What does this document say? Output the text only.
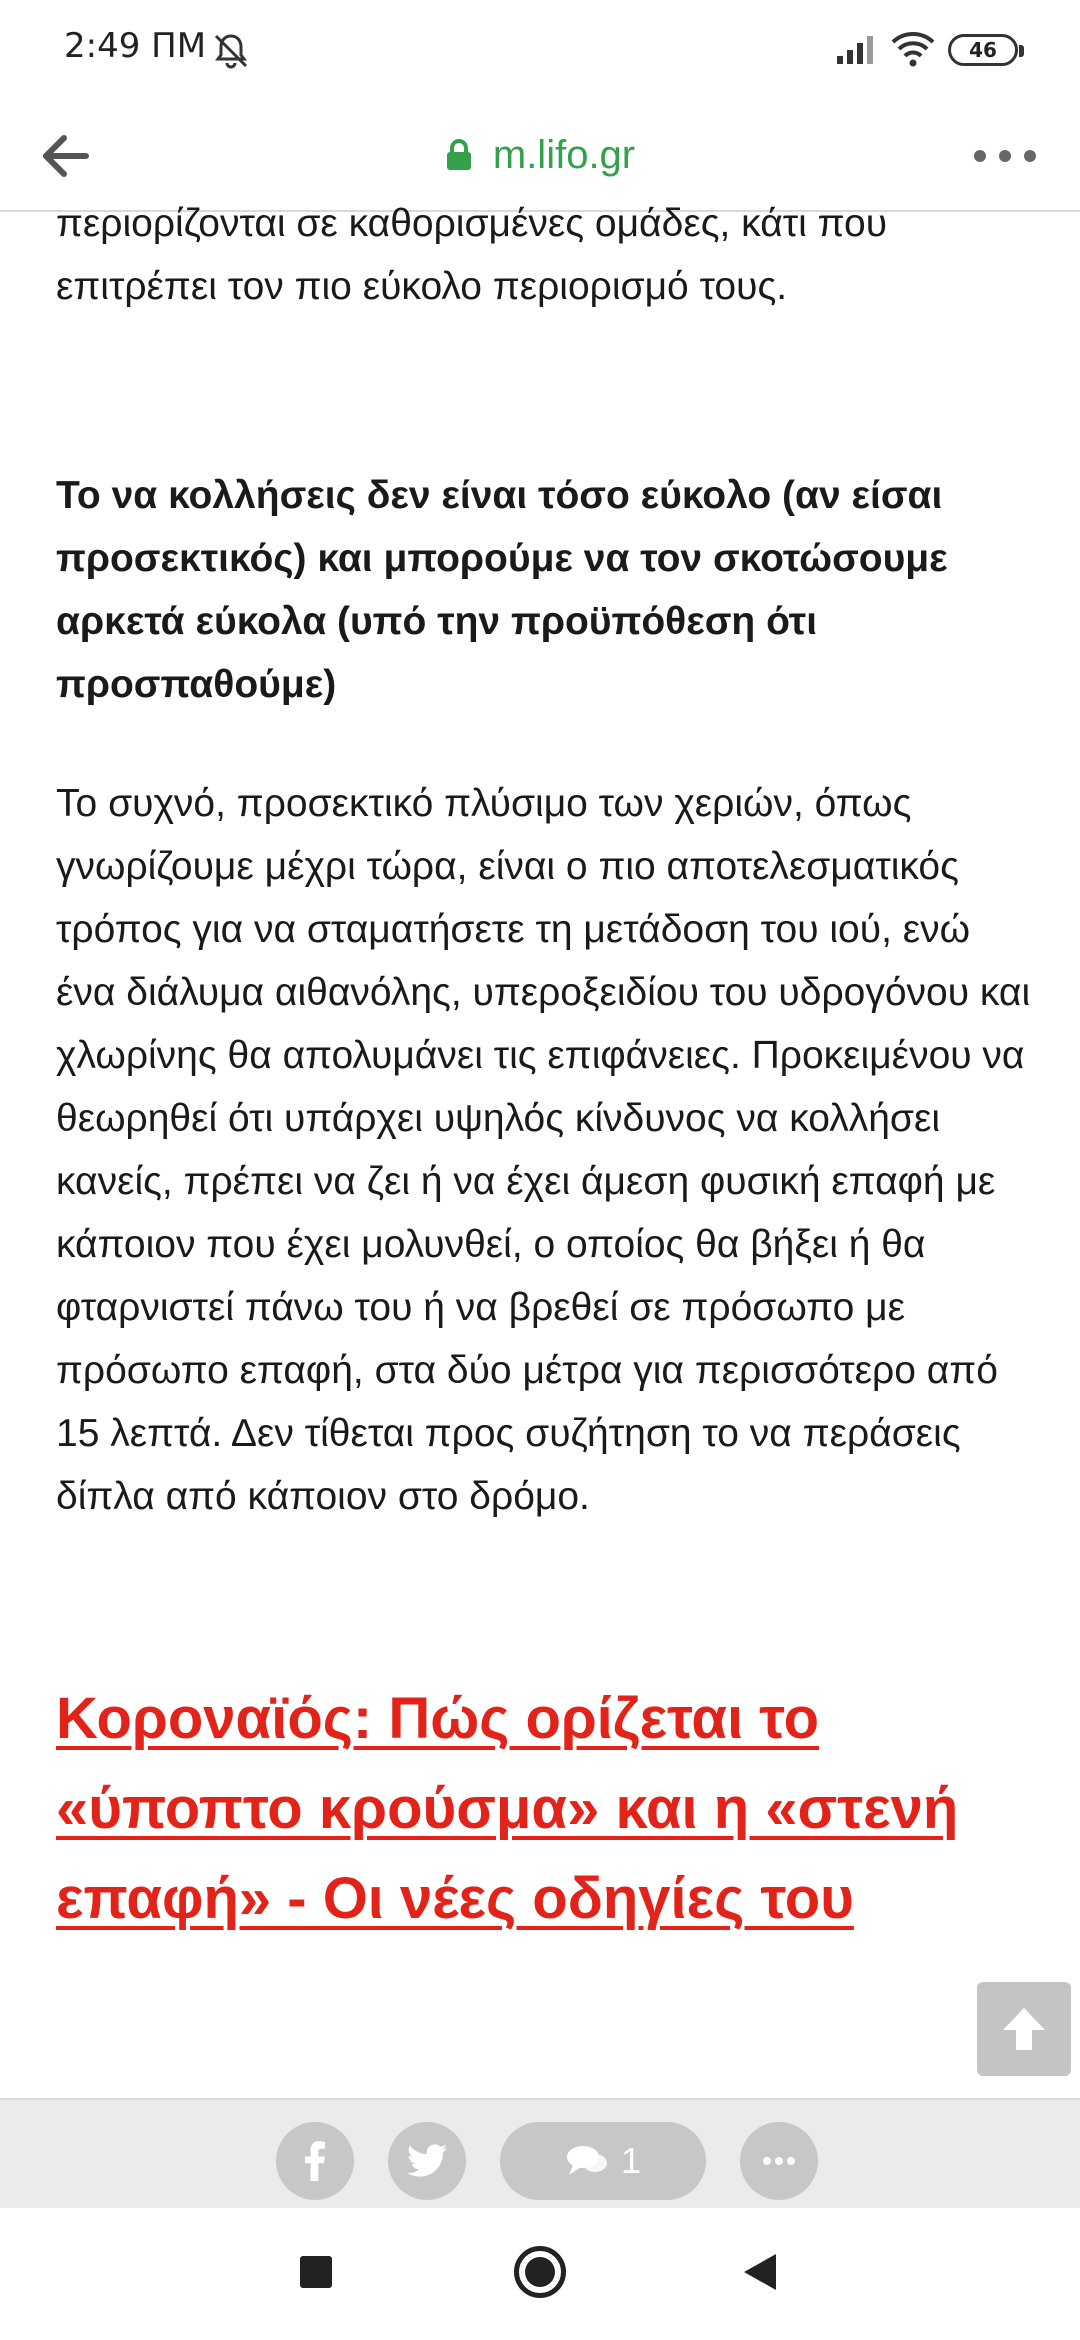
2:49 ΠΜ	46
m.lifo.gr

περιορίζονται σε καθορισμένες ομάδες, κάτι που επιτρέπει τον πιο εύκολο περιορισμό τους.

Το να κολλήσεις δεν είναι τόσο εύκολο (αν είσαι προσεκτικός) και μπορούμε να τον σκοτώσουμε αρκετά εύκολα (υπό την προϋπόθεση ότι προσπαθούμε)

Το συχνό, προσεκτικό πλύσιμο των χεριών, όπως γνωρίζουμε μέχρι τώρα, είναι ο πιο αποτελεσματικός τρόπος για να σταματήσετε τη μετάδοση του ιού, ενώ ένα διάλυμα αιθανόλης, υπεροξειδίου του υδρογόνου και χλωρίνης θα απολυμάνει τις επιφάνειες. Προκειμένου να θεωρηθεί ότι υπάρχει υψηλός κίνδυνος να κολλήσει κανείς, πρέπει να ζει ή να έχει άμεση φυσική επαφή με κάποιον που έχει μολυνθεί, ο οποίος θα βήξει ή θα φταρνιστεί πάνω του ή να βρεθεί σε πρόσωπο με πρόσωπο επαφή, στα δύο μέτρα για περισσότερο από 15 λεπτά. Δεν τίθεται προς συζήτηση το να περάσεις δίπλα από κάποιον στο δρόμο.

Κοροναϊός: Πώς ορίζεται το «ύποπτο κρούσμα» και η «στενή επαφή» - Οι νέες οδηγίες του
1
